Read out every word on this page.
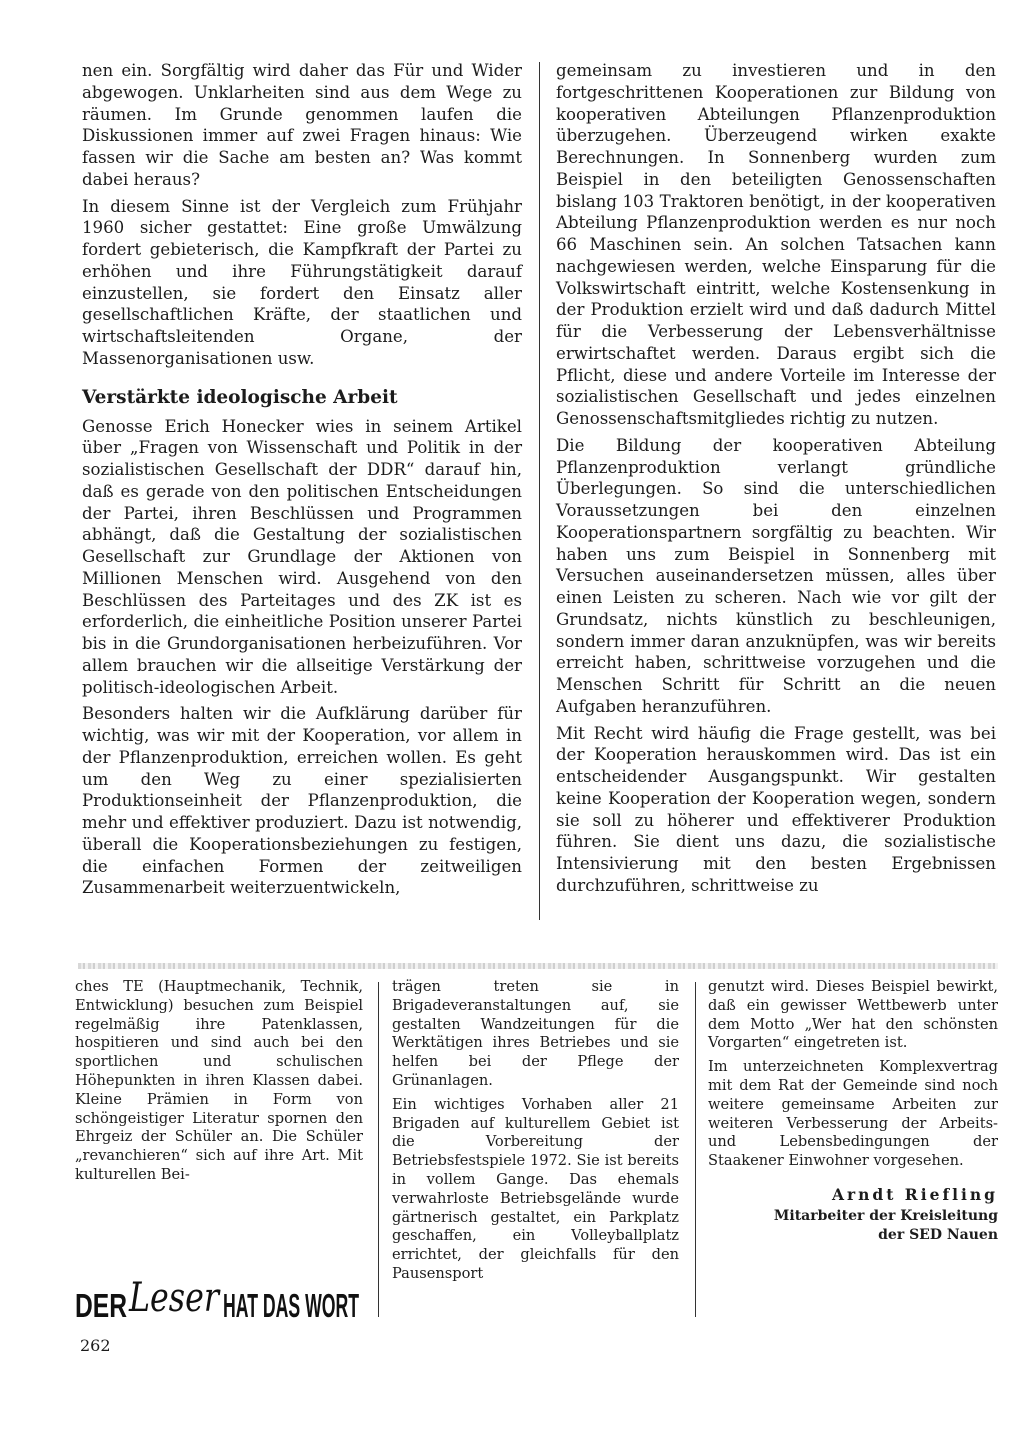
nen ein. Sorgfältig wird daher das Für und Wider abgewogen. Unklarheiten sind aus dem Wege zu räumen. Im Grunde genommen laufen die Diskussionen immer auf zwei Fragen hinaus: Wie fassen wir die Sache am besten an? Was kommt dabei heraus?

In diesem Sinne ist der Vergleich zum Frühjahr 1960 sicher gestattet: Eine große Umwälzung fordert gebieterisch, die Kampfkraft der Partei zu erhöhen und ihre Führungstätigkeit darauf einzustellen, sie fordert den Einsatz aller gesellschaftlichen Kräfte, der staatlichen und wirtschaftsleitenden Organe, der Massenorganisationen usw.

Verstärkte ideologische Arbeit

Genosse Erich Honecker wies in seinem Artikel über „Fragen von Wissenschaft und Politik in der sozialistischen Gesellschaft der DDR“ darauf hin, daß es gerade von den politischen Entscheidungen der Partei, ihren Beschlüssen und Programmen abhängt, daß die Gestaltung der sozialistischen Gesellschaft zur Grundlage der Aktionen von Millionen Menschen wird. Ausgehend von den Beschlüssen des Parteitages und des ZK ist es erforderlich, die einheitliche Position unserer Partei bis in die Grundorganisationen herbeizuführen. Vor allem brauchen wir die allseitige Verstärkung der politisch-ideologischen Arbeit.

Besonders halten wir die Aufklärung darüber für wichtig, was wir mit der Kooperation, vor allem in der Pflanzenproduktion, erreichen wollen. Es geht um den Weg zu einer spezialisierten Produktionseinheit der Pflanzenproduktion, die mehr und effektiver produziert. Dazu ist notwendig, überall die Kooperationsbeziehungen zu festigen, die einfachen Formen der zeitweiligen Zusammenarbeit weiterzuentwickeln,

gemeinsam zu investieren und in den fortgeschrittenen Kooperationen zur Bildung von kooperativen Abteilungen Pflanzenproduktion überzugehen. Überzeugend wirken exakte Berechnungen. In Sonnenberg wurden zum Beispiel in den beteiligten Genossenschaften bislang 103 Traktoren benötigt, in der kooperativen Abteilung Pflanzenproduktion werden es nur noch 66 Maschinen sein. An solchen Tatsachen kann nachgewiesen werden, welche Einsparung für die Volkswirtschaft eintritt, welche Kostensenkung in der Produktion erzielt wird und daß dadurch Mittel für die Verbesserung der Lebensverhältnisse erwirtschaftet werden. Daraus ergibt sich die Pflicht, diese und andere Vorteile im Interesse der sozialistischen Gesellschaft und jedes einzelnen Genossenschaftsmitgliedes richtig zu nutzen.

Die Bildung der kooperativen Abteilung Pflanzenproduktion verlangt gründliche Überlegungen. So sind die unterschiedlichen Voraussetzungen bei den einzelnen Kooperationspartnern sorgfältig zu beachten. Wir haben uns zum Beispiel in Sonnenberg mit Versuchen auseinandersetzen müssen, alles über einen Leisten zu scheren. Nach wie vor gilt der Grundsatz, nichts künstlich zu beschleunigen, sondern immer daran anzuknüpfen, was wir bereits erreicht haben, schrittweise vorzugehen und die Menschen Schritt für Schritt an die neuen Aufgaben heranzuführen.

Mit Recht wird häufig die Frage gestellt, was bei der Kooperation herauskommen wird. Das ist ein entscheidender Ausgangspunkt. Wir gestalten keine Kooperation der Kooperation wegen, sondern sie soll zu höherer und effektiverer Produktion führen. Sie dient uns dazu, die sozialistische Intensivierung mit den besten Ergebnissen durchzuführen, schrittweise zu

ches TE (Hauptmechanik, Technik, Entwicklung) besuchen zum Beispiel regelmäßig ihre Patenklassen, hospitieren und sind auch bei den sportlichen und schulischen Höhepunkten in ihren Klassen dabei. Kleine Prämien in Form von schöngeistiger Literatur spornen den Ehrgeiz der Schüler an. Die Schüler „revanchieren“ sich auf ihre Art. Mit kulturellen Bei-

trägen treten sie in Brigadeveranstaltungen auf, sie gestalten Wandzeitungen für die Werktätigen ihres Betriebes und sie helfen bei der Pflege der Grünanlagen.

Ein wichtiges Vorhaben aller 21 Brigaden auf kulturellem Gebiet ist die Vorbereitung der Betriebsfestspiele 1972. Sie ist bereits in vollem Gange. Das ehemals verwahrloste Betriebsgelände wurde gärtnerisch gestaltet, ein Parkplatz geschaffen, ein Volleyballplatz errichtet, der gleichfalls für den Pausensport

genutzt wird. Dieses Beispiel bewirkt, daß ein gewisser Wettbewerb unter dem Motto „Wer hat den schönsten Vorgarten“ eingetreten ist.

Im unterzeichneten Komplexvertrag mit dem Rat der Gemeinde sind noch weitere gemeinsame Arbeiten zur weiteren Verbesserung der Arbeits- und Lebensbedingungen der Staakener Einwohner vorgesehen.

Arndt Riefling
Mitarbeiter der Kreisleitung
der SED Nauen
DER Leser HAT DAS WORT
262
